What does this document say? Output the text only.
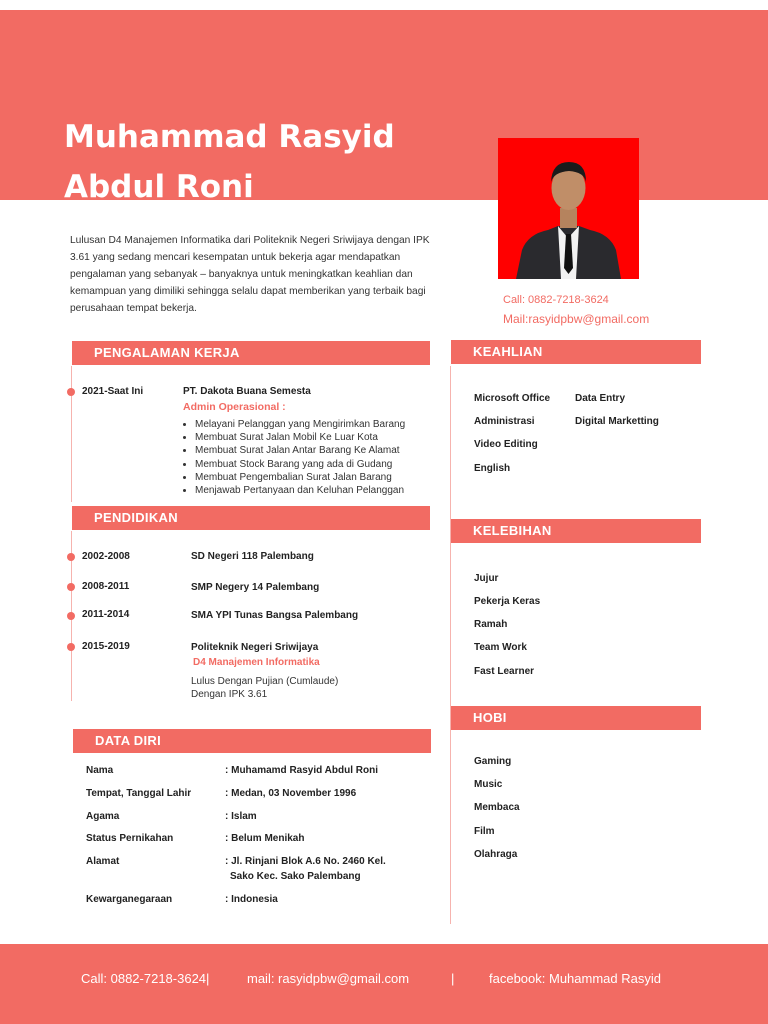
Muhammad Rasyid
Abdul Roni

Lulusan D4 Manajemen Informatika dari Politeknik Negeri Sriwijaya dengan IPK 3.61 yang sedang mencari kesempatan untuk bekerja agar mendapatkan pengalaman yang sebanyak – banyaknya untuk meningkatkan keahlian dan kemampuan yang dimiliki sehingga selalu dapat memberikan yang terbaik bagi perusahaan tempat bekerja.

Call: 0882-7218-3624
Mail:rasyidpbw@gmail.com
PENGALAMAN KERJA
2021-Saat Ini	PT. Dakota Buana Semesta
Admin Operasional :
• Melayani Pelanggan yang Mengirimkan Barang
• Membuat Surat Jalan Mobil Ke Luar Kota
• Membuat Surat Jalan Antar Barang Ke Alamat
• Membuat Stock Barang yang ada di Gudang
• Membuat Pengembalian Surat Jalan Barang
• Menjawab Pertanyaan dan Keluhan Pelanggan
PENDIDIKAN
2002-2008	SD Negeri 118 Palembang
2008-2011	SMP Negery 14 Palembang
2011-2014	SMA YPI Tunas Bangsa Palembang
2015-2019	Politeknik Negeri Sriwijaya
D4 Manajemen Informatika
Lulus Dengan Pujian (Cumlaude)
Dengan IPK 3.61
DATA DIRI
Nama	: Muhamamd Rasyid Abdul Roni
Tempat, Tanggal Lahir	: Medan, 03 November 1996
Agama	: Islam
Status Pernikahan	: Belum Menikah
Alamat	: Jl. Rinjani Blok A.6 No. 2460 Kel.
Sako Kec. Sako Palembang
Kewarganegaraan	: Indonesia
KEAHLIAN
Microsoft Office
Administrasi
Video Editing
English
Data Entry
Digital Marketting
KELEBIHAN
Jujur
Pekerja Keras
Ramah
Team Work
Fast Learner
HOBI
Gaming
Music
Membaca
Film
Olahraga
Call: 0882-7218-3624|	mail: rasyidpbw@gmail.com	|	facebook: Muhammad Rasyid
